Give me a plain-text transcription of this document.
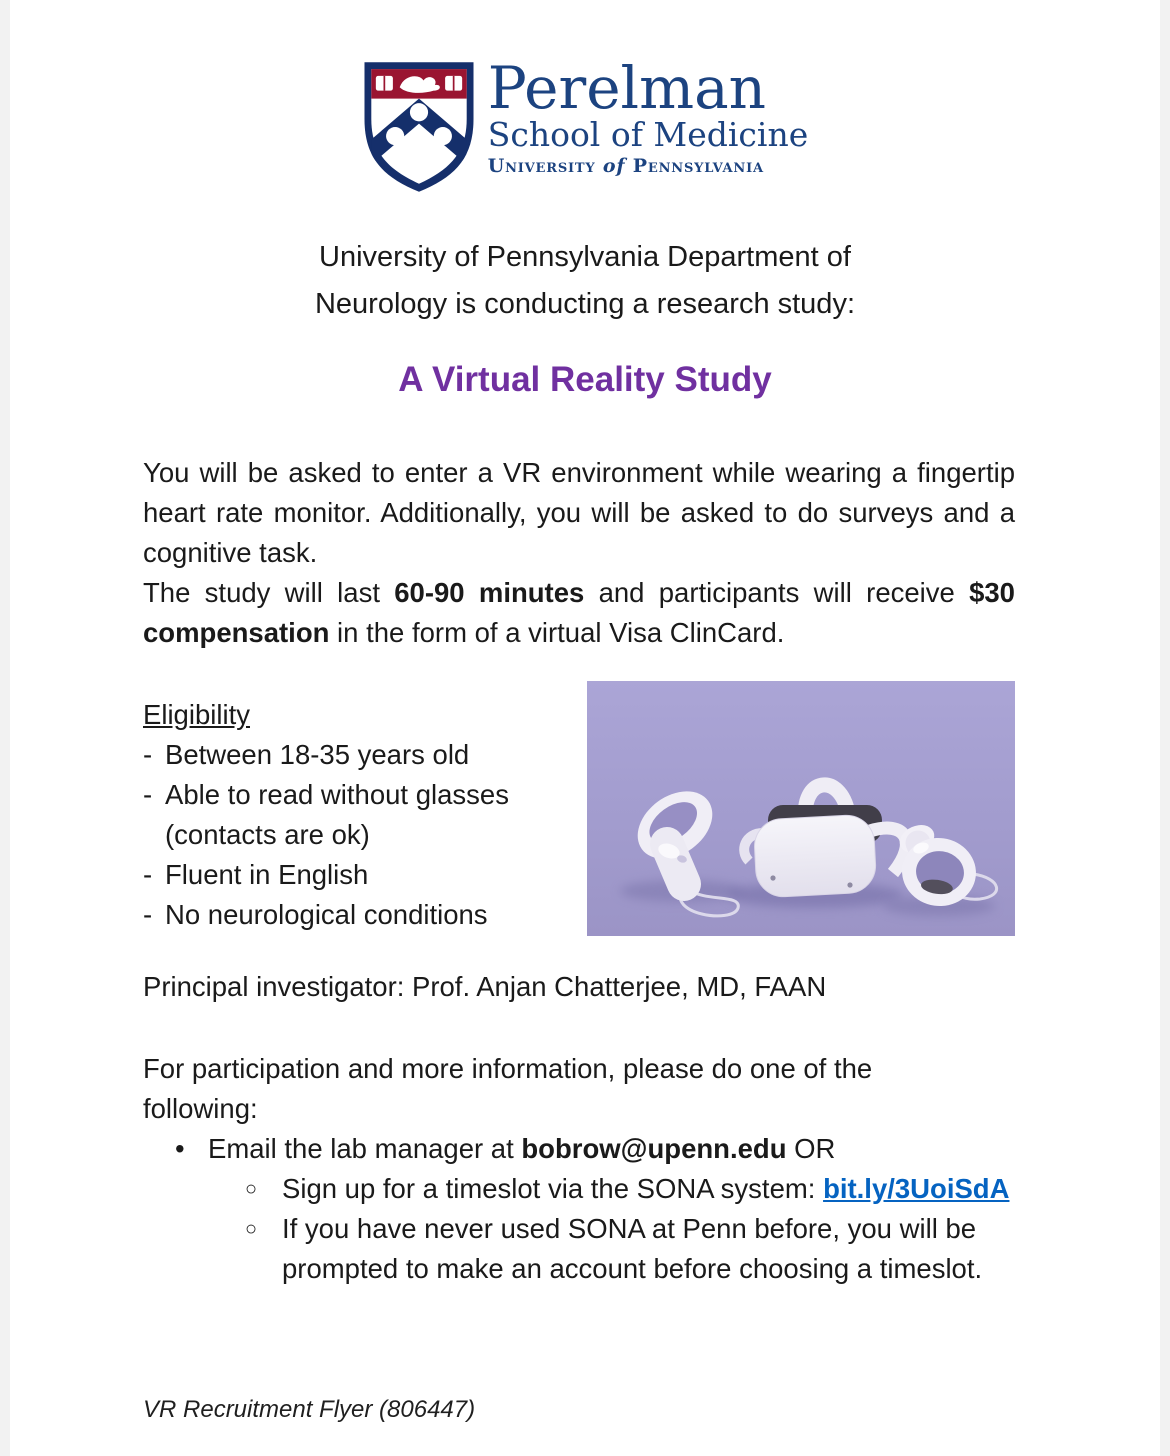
Perelman
School of Medicine
University of Pennsylvania
University of Pennsylvania Department of
Neurology is conducting a research study:
A Virtual Reality Study
You will be asked to enter a VR environment while wearing a fingertip
heart rate monitor. Additionally, you will be asked to do surveys and a
cognitive task.
The study will last 60-90 minutes and participants will receive $30
compensation in the form of a virtual Visa ClinCard.
Eligibility
- Between 18-35 years old
- Able to read without glasses (contacts are ok)
- Fluent in English
- No neurological conditions
Principal investigator: Prof. Anjan Chatterjee, MD, FAAN
For participation and more information, please do one of the
following:
• Email the lab manager at bobrow@upenn.edu OR
○ Sign up for a timeslot via the SONA system: bit.ly/3UoiSdA
○ If you have never used SONA at Penn before, you will be prompted to make an account before choosing a timeslot.
VR Recruitment Flyer (806447)
